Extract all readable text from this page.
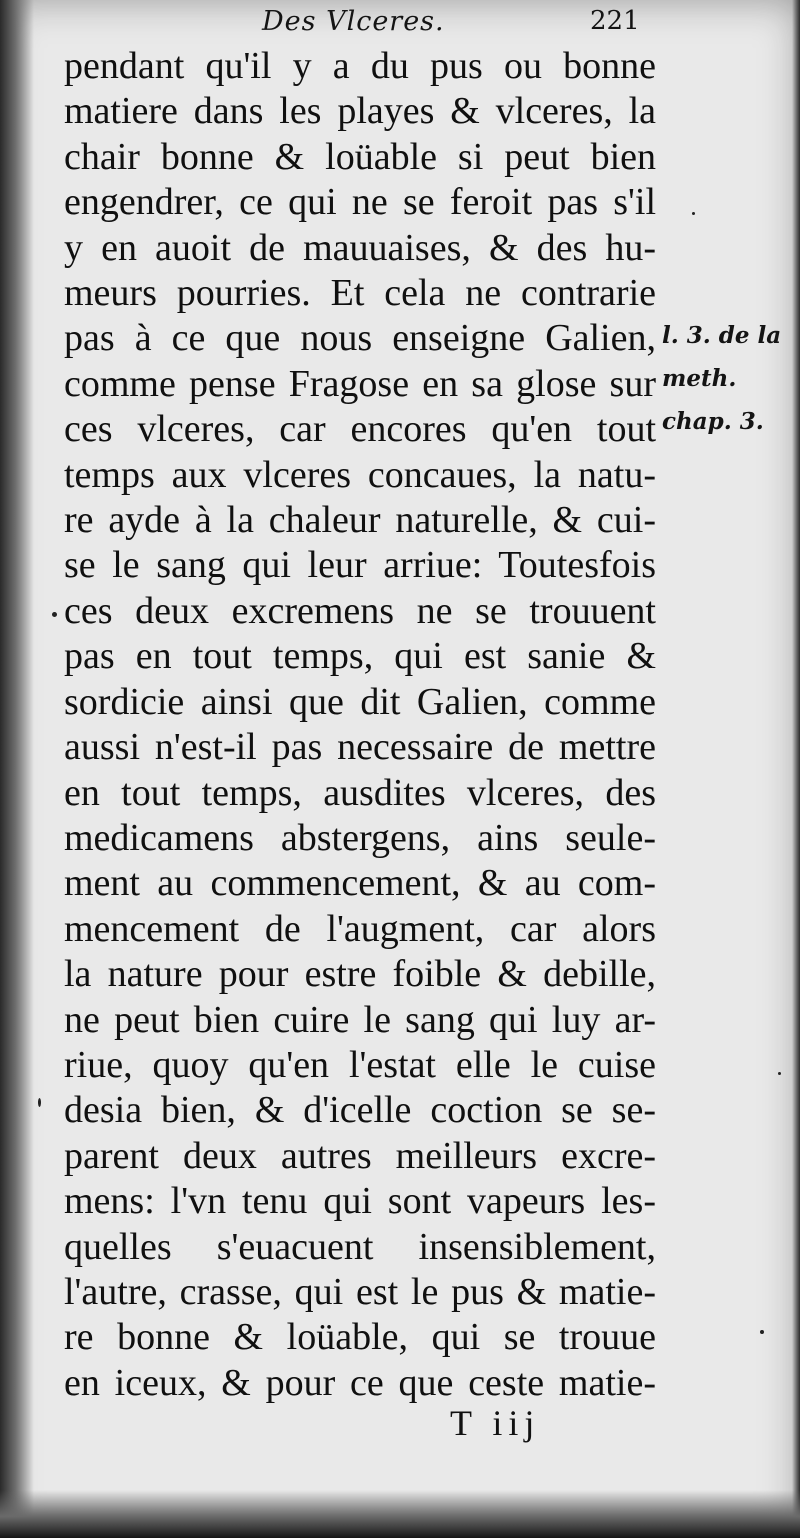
Des Vlceres.	221
pendant qu'il y a du pus ou bonne
matiere dans les playes & vlceres, la
chair bonne & loüable si peut bien
engendrer, ce qui ne se feroit pas s'il
y en auoit de mauuaises, & des hu-
meurs pourries. Et cela ne contrarie
pas à ce que nous enseigne Galien,
comme pense Fragose en sa glose sur
ces vlceres, car encores qu'en tout
temps aux vlceres concaues, la natu-
re ayde à la chaleur naturelle, & cui-
se le sang qui leur arriue: Toutesfois
ces deux excremens ne se trouuent
pas en tout temps, qui est sanie &
sordicie ainsi que dit Galien, comme
aussi n'est-il pas necessaire de mettre
en tout temps, ausdites vlceres, des
medicamens abstergens, ains seule-
ment au commencement, & au com-
mencement de l'augment, car alors
la nature pour estre foible & debille,
ne peut bien cuire le sang qui luy ar-
riue, quoy qu'en l'estat elle le cuise
desia bien, & d'icelle coction se se-
parent deux autres meilleurs excre-
mens: l'vn tenu qui sont vapeurs les-
quelles s'euacuent insensiblement,
l'autre, crasse, qui est le pus & matie-
re bonne & loüable, qui se trouue
en iceux, & pour ce que ceste matie-
l. 3. de la
meth.
chap. 3.
T iij
